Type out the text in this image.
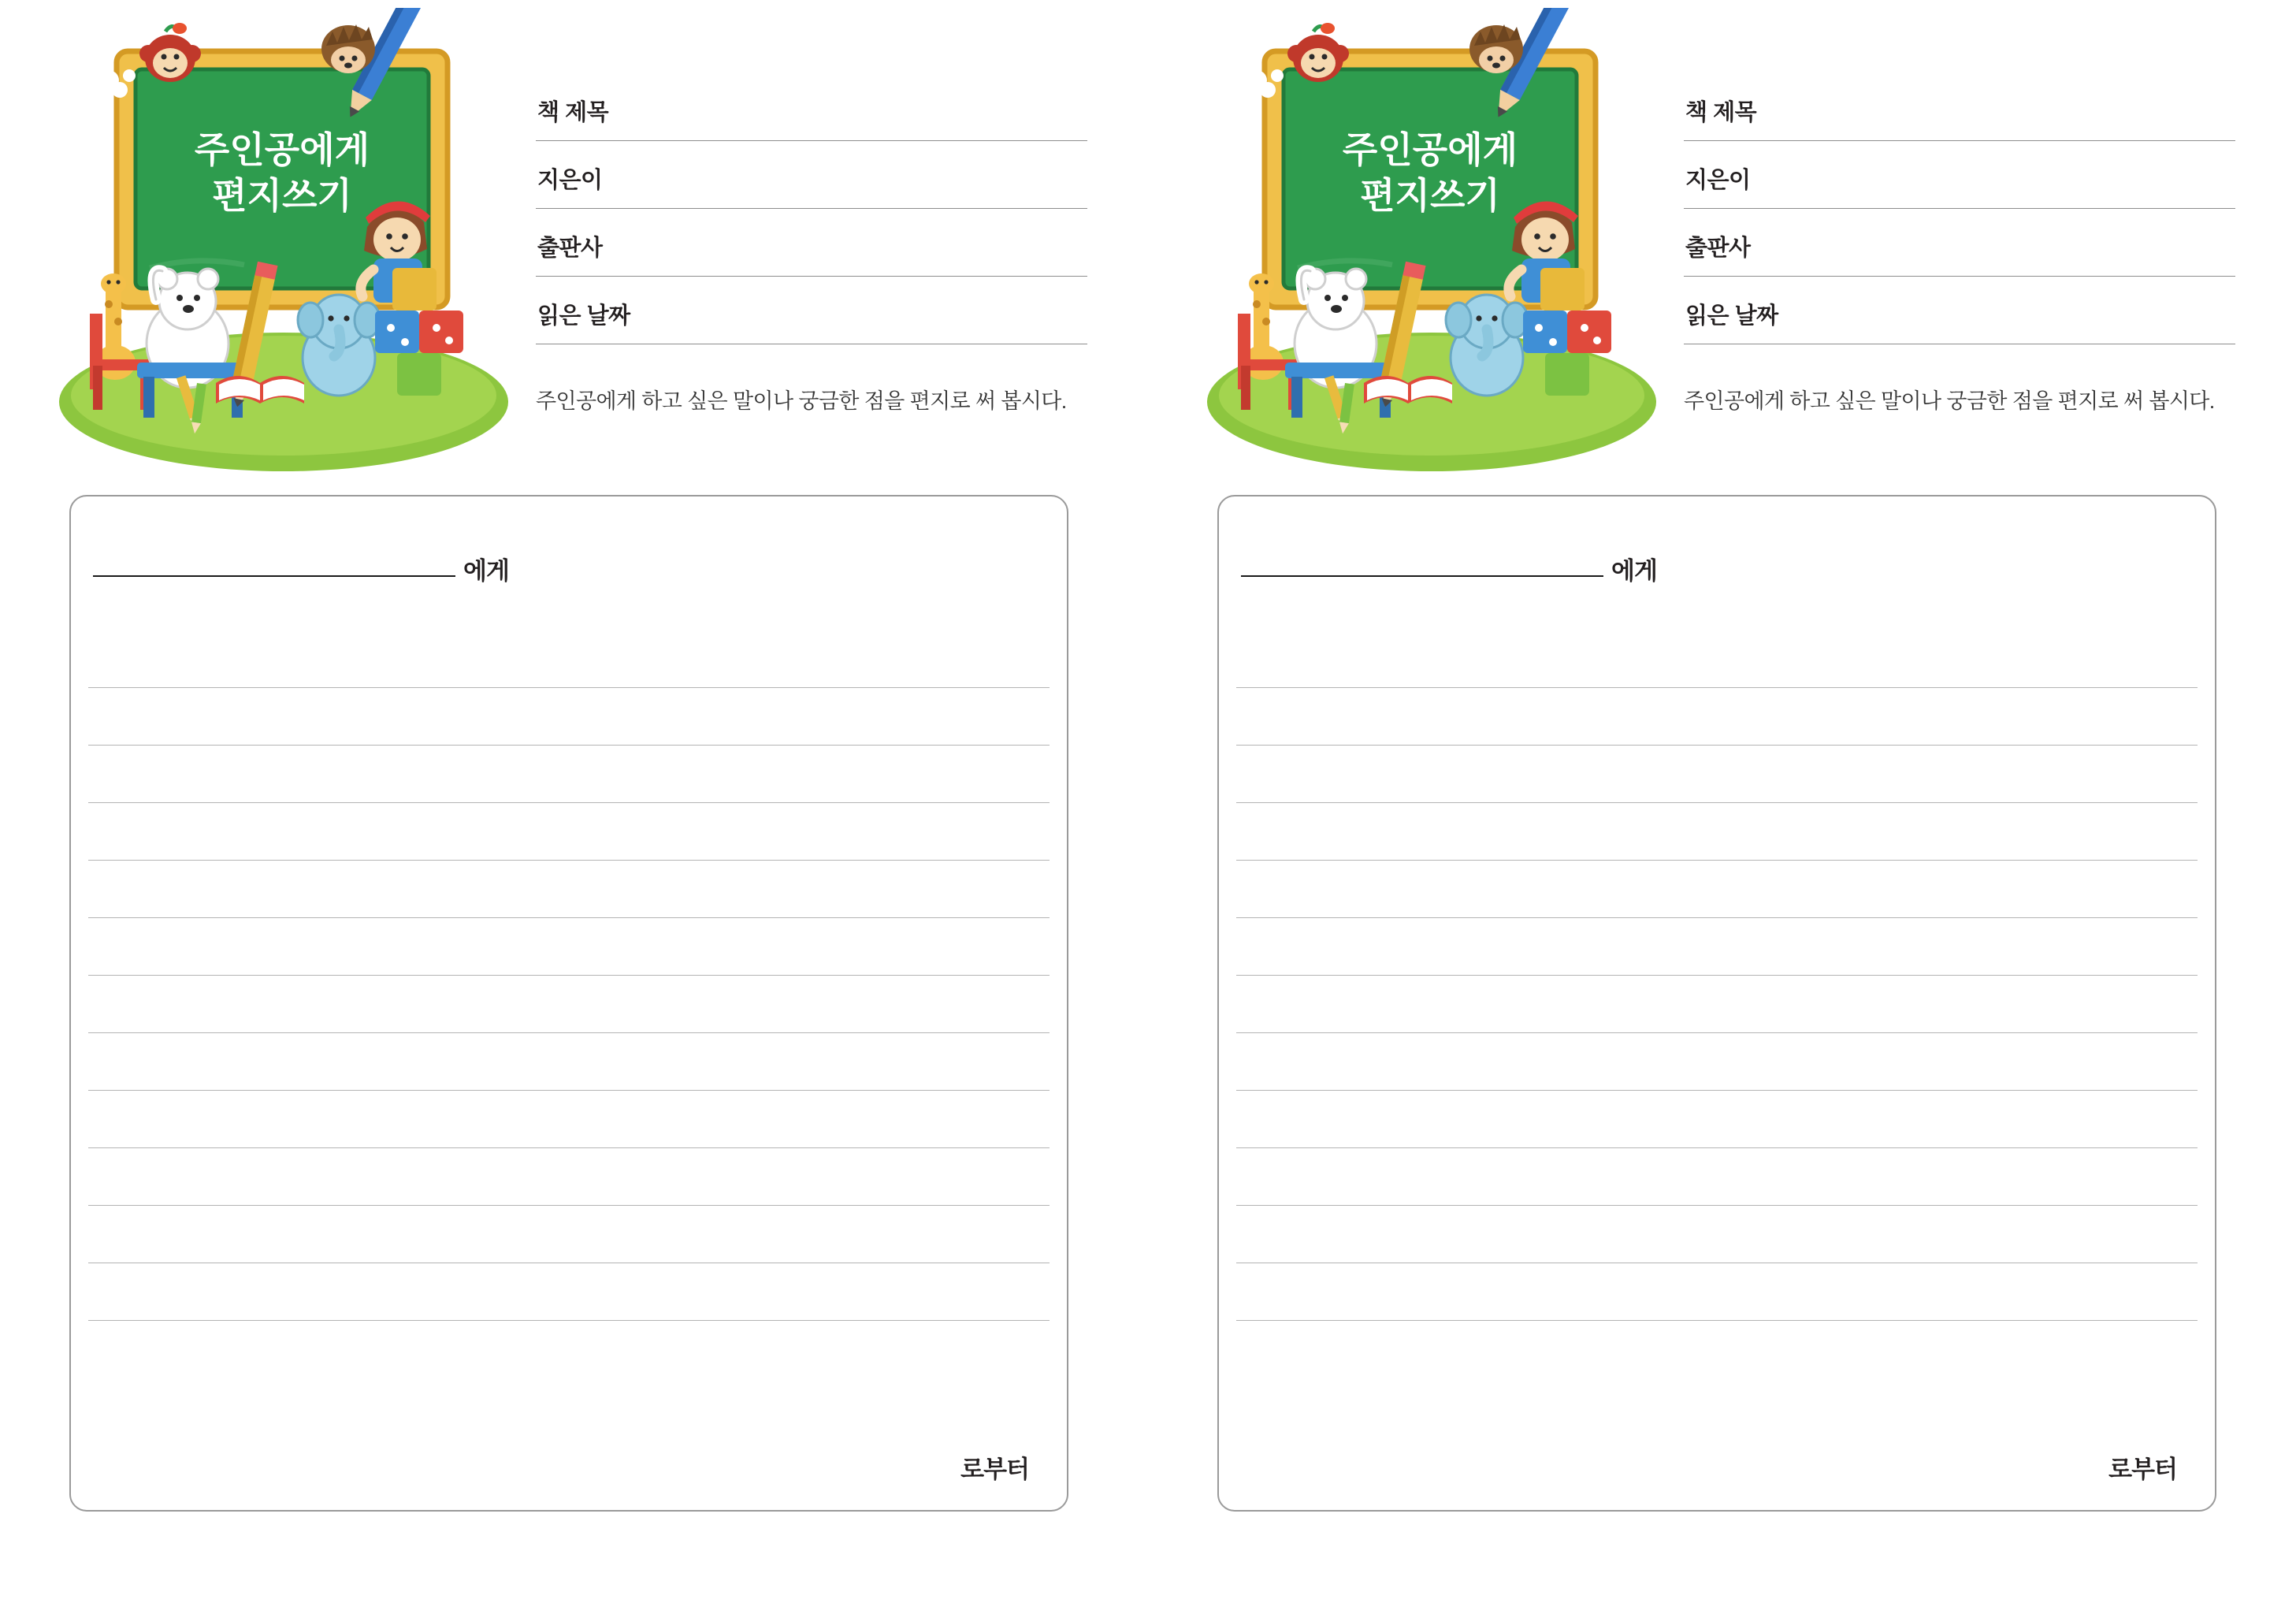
주인공에게
편지쓰기
책 제목
지은이
출판사
읽은 날짜
주인공에게 하고 싶은 말이나 궁금한 점을 편지로 써 봅시다.
에게
로부터
주인공에게
편지쓰기
책 제목
지은이
출판사
읽은 날짜
주인공에게 하고 싶은 말이나 궁금한 점을 편지로 써 봅시다.
에게
로부터
